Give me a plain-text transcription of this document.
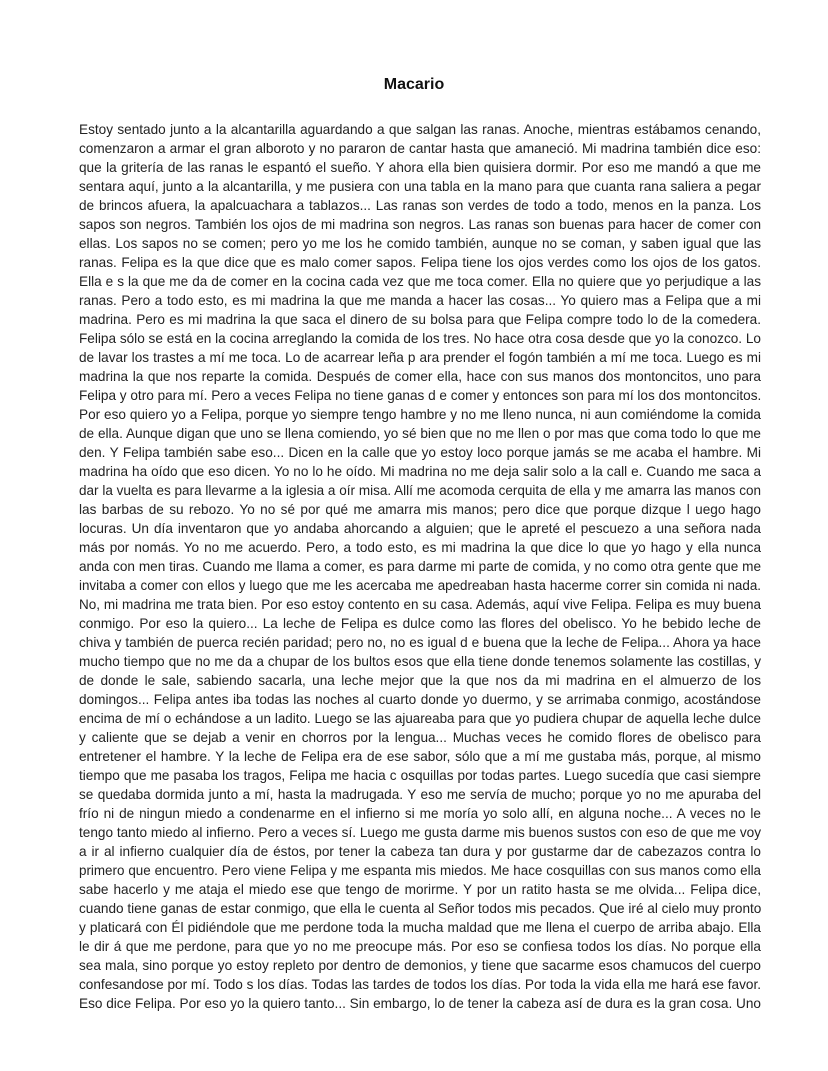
Macario
Estoy sentado junto a la alcantarilla aguardando a que salgan las ranas. Anoche, mientras estábamos cenando,
comenzaron a armar el gran alboroto y no pararon de cantar hasta que amaneció. Mi madrina también dice eso:
que la gritería de las ranas le espantó el sueño. Y ahora ella bien quisiera dormir. Por eso me mandó a que me
sentara aquí, junto a la alcantarilla, y me pusiera con una tabla en la mano para que cuanta rana saliera a pegar
de brincos afuera, la apalcuachara a tablazos... Las ranas son verdes de todo a todo, menos en la panza. Los
sapos son negros. También los ojos de mi madrina son negros. Las ranas son buenas para hacer de comer con
ellas. Los sapos no se comen; pero yo me los he comido también, aunque no se coman, y saben igual que las
ranas. Felipa es la que dice que es malo comer sapos. Felipa tiene los ojos verdes como los ojos de los gatos.
Ella e s la que me da de comer en la cocina cada vez que me toca comer. Ella no quiere que yo perjudique a las
ranas. Pero a todo esto, es mi madrina la que me manda a hacer las cosas... Yo quiero mas a Felipa que a mi
madrina. Pero es mi madrina la que saca el dinero de su bolsa para que Felipa compre todo lo de la comedera.
Felipa sólo se está en la cocina arreglando la comida de los tres. No hace otra cosa desde que yo la conozco. Lo
de lavar los trastes a mí me toca. Lo de acarrear leña p ara prender el fogón también a mí me toca. Luego es mi
madrina la que nos reparte la comida. Después de comer ella, hace con sus manos dos montoncitos, uno para
Felipa y otro para mí. Pero a veces Felipa no tiene ganas d e comer y entonces son para mí los dos montoncitos.
Por eso quiero yo a Felipa, porque yo siempre tengo hambre y no me lleno nunca, ni aun comiéndome la comida
de ella. Aunque digan que uno se llena comiendo, yo sé bien que no me llen o por mas que coma todo lo que me
den. Y Felipa también sabe eso... Dicen en la calle que yo estoy loco porque jamás se me acaba el hambre. Mi
madrina ha oído que eso dicen. Yo no lo he oído. Mi madrina no me deja salir solo a la call e. Cuando me saca a
dar la vuelta es para llevarme a la iglesia a oír misa. Allí me acomoda cerquita de ella y me amarra las manos con
las barbas de su rebozo. Yo no sé por qué me amarra mis manos; pero dice que porque dizque l uego hago
locuras. Un día inventaron que yo andaba ahorcando a alguien; que le apreté el pescuezo a una señora nada
más por nomás. Yo no me acuerdo. Pero, a todo esto, es mi madrina la que dice lo que yo hago y ella nunca
anda con men tiras. Cuando me llama a comer, es para darme mi parte de comida, y no como otra gente que me
invitaba a comer con ellos y luego que me les acercaba me apedreaban hasta hacerme correr sin comida ni nada.
No, mi madrina me trata bien. Por eso estoy contento en su casa. Además, aquí vive Felipa. Felipa es muy buena
conmigo. Por eso la quiero... La leche de Felipa es dulce como las flores del obelisco. Yo he bebido leche de
chiva y también de puerca recién paridad; pero no, no es igual d e buena que la leche de Felipa... Ahora ya hace
mucho tiempo que no me da a chupar de los bultos esos que ella tiene donde tenemos solamente las costillas, y
de donde le sale, sabiendo sacarla, una leche mejor que la que nos da mi madrina en el almuerzo de los
domingos... Felipa antes iba todas las noches al cuarto donde yo duermo, y se arrimaba conmigo, acostándose
encima de mí o echándose a un ladito. Luego se las ajuareaba para que yo pudiera chupar de aquella leche dulce
y caliente que se dejab a venir en chorros por la lengua... Muchas veces he comido flores de obelisco para
entretener el hambre. Y la leche de Felipa era de ese sabor, sólo que a mí me gustaba más, porque, al mismo
tiempo que me pasaba los tragos, Felipa me hacia c osquillas por todas partes. Luego sucedía que casi siempre
se quedaba dormida junto a mí, hasta la madrugada. Y eso me servía de mucho; porque yo no me apuraba del
frío ni de ningun miedo a condenarme en el infierno si me moría yo solo allí, en alguna noche... A veces no le
tengo tanto miedo al infierno. Pero a veces sí. Luego me gusta darme mis buenos sustos con eso de que me voy
a ir al infierno cualquier día de éstos, por tener la cabeza tan dura y por gustarme dar de cabezazos contra lo
primero que encuentro. Pero viene Felipa y me espanta mis miedos. Me hace cosquillas con sus manos como ella
sabe hacerlo y me ataja el miedo ese que tengo de morirme. Y por un ratito hasta se me olvida... Felipa dice,
cuando tiene ganas de estar conmigo, que ella le cuenta al Señor todos mis pecados. Que iré al cielo muy pronto
y platicará con Él pidiéndole que me perdone toda la mucha maldad que me llena el cuerpo de arriba abajo. Ella
le dir á que me perdone, para que yo no me preocupe más. Por eso se confiesa todos los días. No porque ella
sea mala, sino porque yo estoy repleto por dentro de demonios, y tiene que sacarme esos chamucos del cuerpo
confesandose por mí. Todo s los días. Todas las tardes de todos los días. Por toda la vida ella me hará ese favor.
Eso dice Felipa. Por eso yo la quiero tanto... Sin embargo, lo de tener la cabeza así de dura es la gran cosa. Uno
